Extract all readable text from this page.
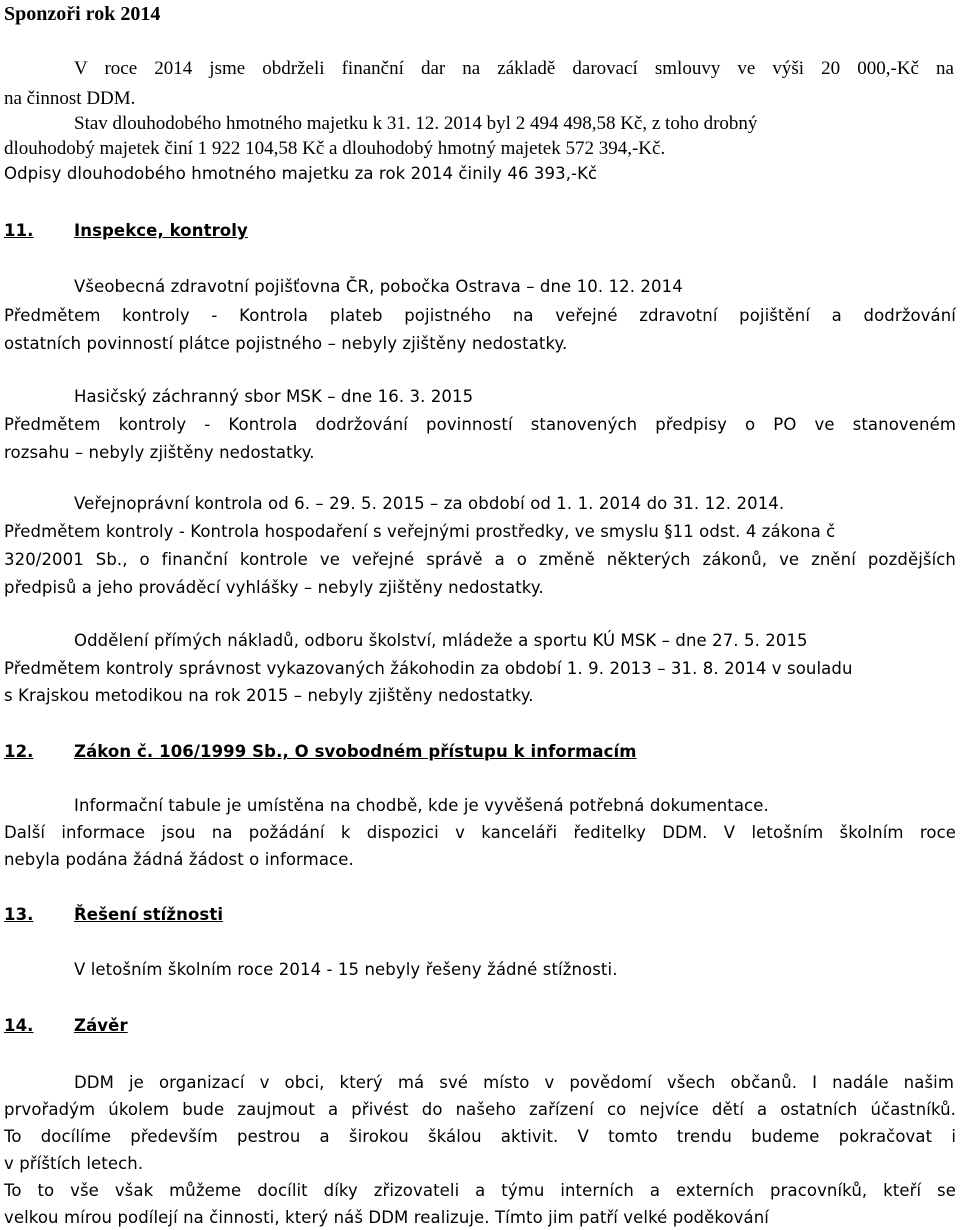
Sponzoři rok 2014
V roce 2014 jsme obdrželi finanční dar na základě darovací smlouvy ve výši 20 000,-Kč na
na činnost DDM.
Stav dlouhodobého hmotného majetku k 31. 12. 2014 byl 2 494 498,58 Kč, z toho drobný
dlouhodobý majetek činí 1 922 104,58 Kč a dlouhodobý hmotný majetek 572 394,-Kč.
Odpisy dlouhodobého hmotného majetku za rok 2014 činily 46 393,-Kč
11. Inspekce, kontroly
Všeobecná zdravotní pojišťovna ČR, pobočka Ostrava – dne 10. 12. 2014
Předmětem kontroly - Kontrola plateb pojistného na veřejné zdravotní pojištění a dodržování
ostatních povinností plátce pojistného – nebyly zjištěny nedostatky.
Hasičský záchranný sbor MSK – dne 16. 3. 2015
Předmětem kontroly - Kontrola dodržování povinností stanovených předpisy o PO ve stanoveném
rozsahu – nebyly zjištěny nedostatky.
Veřejnoprávní kontrola od 6. – 29. 5. 2015 – za období od 1. 1. 2014 do 31. 12. 2014.
Předmětem kontroly - Kontrola hospodaření s veřejnými prostředky, ve smyslu §11 odst. 4 zákona č
320/2001 Sb., o finanční kontrole ve veřejné správě a o změně některých zákonů, ve znění pozdějších
předpisů a jeho prováděcí vyhlášky – nebyly zjištěny nedostatky.
Oddělení přímých nákladů, odboru školství, mládeže a sportu KÚ MSK – dne 27. 5. 2015
Předmětem kontroly správnost vykazovaných žákohodin za období 1. 9. 2013 – 31. 8. 2014 v souladu
s Krajskou metodikou na rok 2015 – nebyly zjištěny nedostatky.
12. Zákon č. 106/1999 Sb., O svobodném přístupu k informacím
Informační tabule je umístěna na chodbě, kde je vyvěšená potřebná dokumentace.
Další informace jsou na požádání k dispozici v kanceláři ředitelky DDM. V letošním školním roce
nebyla podána žádná žádost o informace.
13. Řešení stížnosti
V letošním školním roce 2014 - 15 nebyly řešeny žádné stížnosti.
14. Závěr
DDM je organizací v obci, který má své místo v povědomí všech občanů. I nadále našim
prvořadým úkolem bude zaujmout a přivést do našeho zařízení co nejvíce dětí a ostatních účastníků.
To docílíme především pestrou a širokou škálou aktivit. V tomto trendu budeme pokračovat i
v příštích letech.
To to vše však můžeme docílit díky zřizovateli a týmu interních a externích pracovníků, kteří se
velkou mírou podílejí na činnosti, který náš DDM realizuje. Tímto jim patří velké poděkování
